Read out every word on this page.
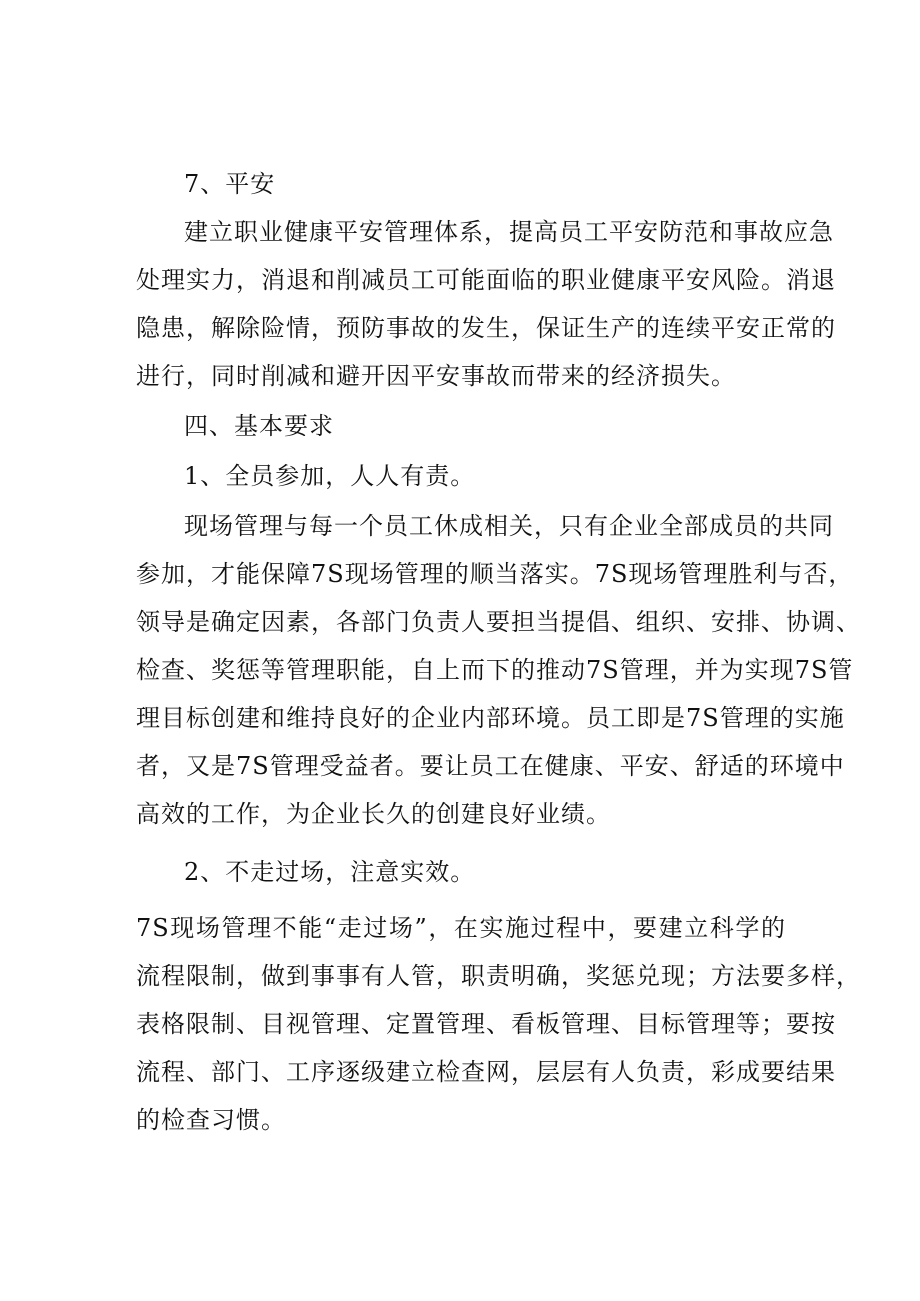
7、平安
建立职业健康平安管理体系，提高员工平安防范和事故应急
处理实力，消退和削减员工可能面临的职业健康平安风险。消退
隐患，解除险情，预防事故的发生，保证生产的连续平安正常的
进行，同时削减和避开因平安事故而带来的经济损失。
四、基本要求
1、全员参加，人人有责。
现场管理与每一个员工休成相关，只有企业全部成员的共同
参加，才能保障7S现场管理的顺当落实。7S现场管理胜利与否，
领导是确定因素，各部门负责人要担当提倡、组织、安排、协调、
检查、奖惩等管理职能，自上而下的推动7S管理，并为实现7S管
理目标创建和维持良好的企业内部环境。员工即是7S管理的实施
者，又是7S管理受益者。要让员工在健康、平安、舒适的环境中
高效的工作，为企业长久的创建良好业绩。
2、不走过场，注意实效。
7S现场管理不能“走过场”，在实施过程中，要建立科学的
流程限制，做到事事有人管，职责明确，奖惩兑现；方法要多样，
表格限制、目视管理、定置管理、看板管理、目标管理等；要按
流程、部门、工序逐级建立检查网，层层有人负责，彩成要结果
的检查习惯。
